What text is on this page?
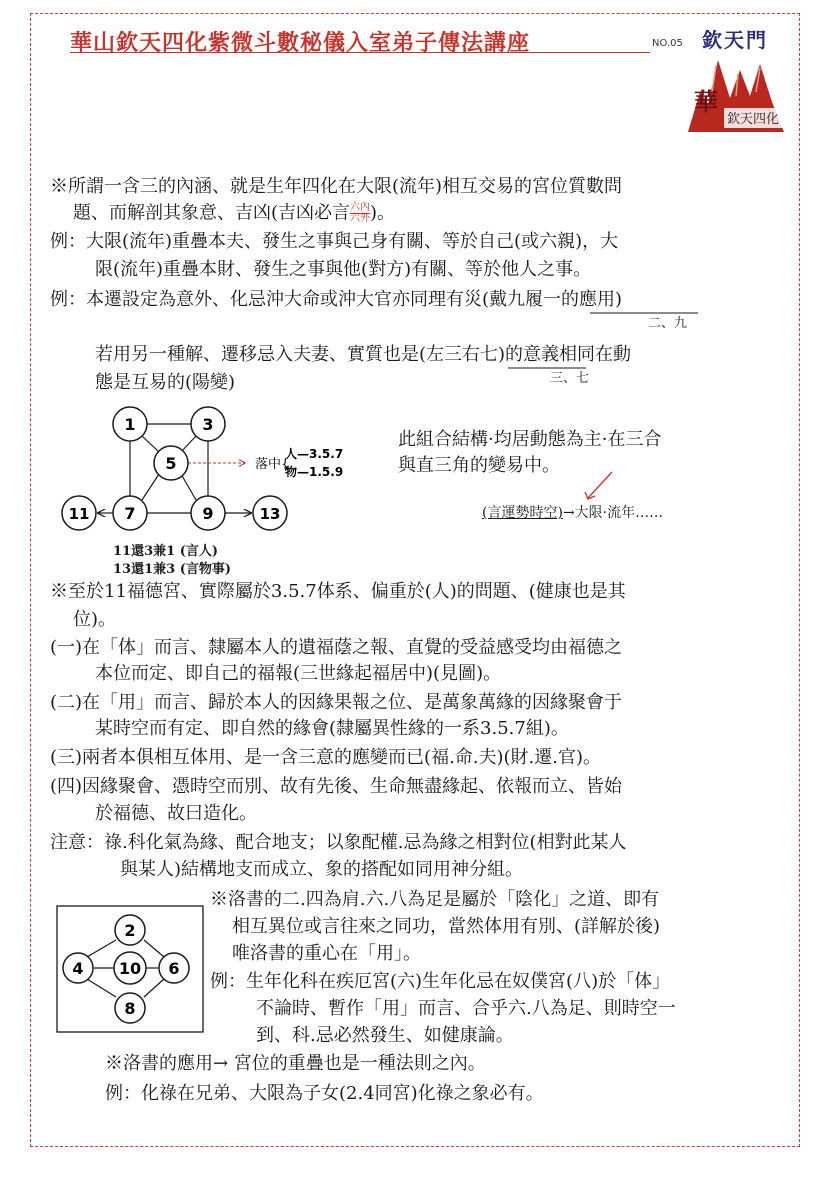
華山欽天四化紫微斗數秘儀入室弟子傳法講座	NO.05 欽天門
華
欽天四化
※所謂一含三的內涵、就是生年四化在大限(流年)相互交易的宮位質數問
題、而解剖其象意、吉凶(吉凶必言 六內
六外 )。
例：大限(流年)重疊本夫、發生之事與己身有關、等於自己(或六親)，大
限(流年)重疊本財、發生之事與他(對方)有關、等於他人之事。
例：本遷設定為意外、化忌沖大命或沖大官亦同理有災(戴九履一的應用)
二、九
若用另一種解、遷移忌入夫妻、實質也是(左三右七)的意義相同在動
三、七
態是互易的(陽變)
1	3
5
7	9
11	13
落中{
人—3.5.7
物—1.5.9
11還3兼1 (言人)
13還1兼3 (言物事)
此組合結構·均居動態為主·在三合
與直三角的變易中。
(言運勢時空)→大限·流年……
※至於11福德宮、實際屬於3.5.7体系、偏重於(人)的問題、(健康也是其
位)。
(一)在「体」而言、隸屬本人的遺福蔭之報、直覺的受益感受均由福德之
本位而定、即自己的福報(三世緣起福居中)(見圖)。
(二)在「用」而言、歸於本人的因緣果報之位、是萬象萬緣的因緣聚會于
某時空而有定、即自然的緣會(隸屬異性緣的一系3.5.7組)。
(三)兩者本俱相互体用、是一含三意的應變而已(福.命.夫)(財.遷.官)。
(四)因緣聚會、憑時空而別、故有先後、生命無盡緣起、依報而立、皆始
於福德、故曰造化。
注意：祿.科化氣為緣、配合地支；以象配權.忌為緣之相對位(相對此某人
與某人)結構地支而成立、象的搭配如同用神分組。
2
4 10 6
8
※洛書的二.四為肩.六.八為足是屬於「陰化」之道、即有
相互異位或言往來之同功，當然体用有別、(詳解於後)
唯洛書的重心在「用」。
例：生年化科在疾厄宮(六)生年化忌在奴僕宮(八)於「体」
不論時、暫作「用」而言、合乎六.八為足、則時空一
到、科.忌必然發生、如健康論。
※洛書的應用→ 宮位的重疊也是一種法則之內。
例：化祿在兄弟、大限為子女(2.4同宮)化祿之象必有。
